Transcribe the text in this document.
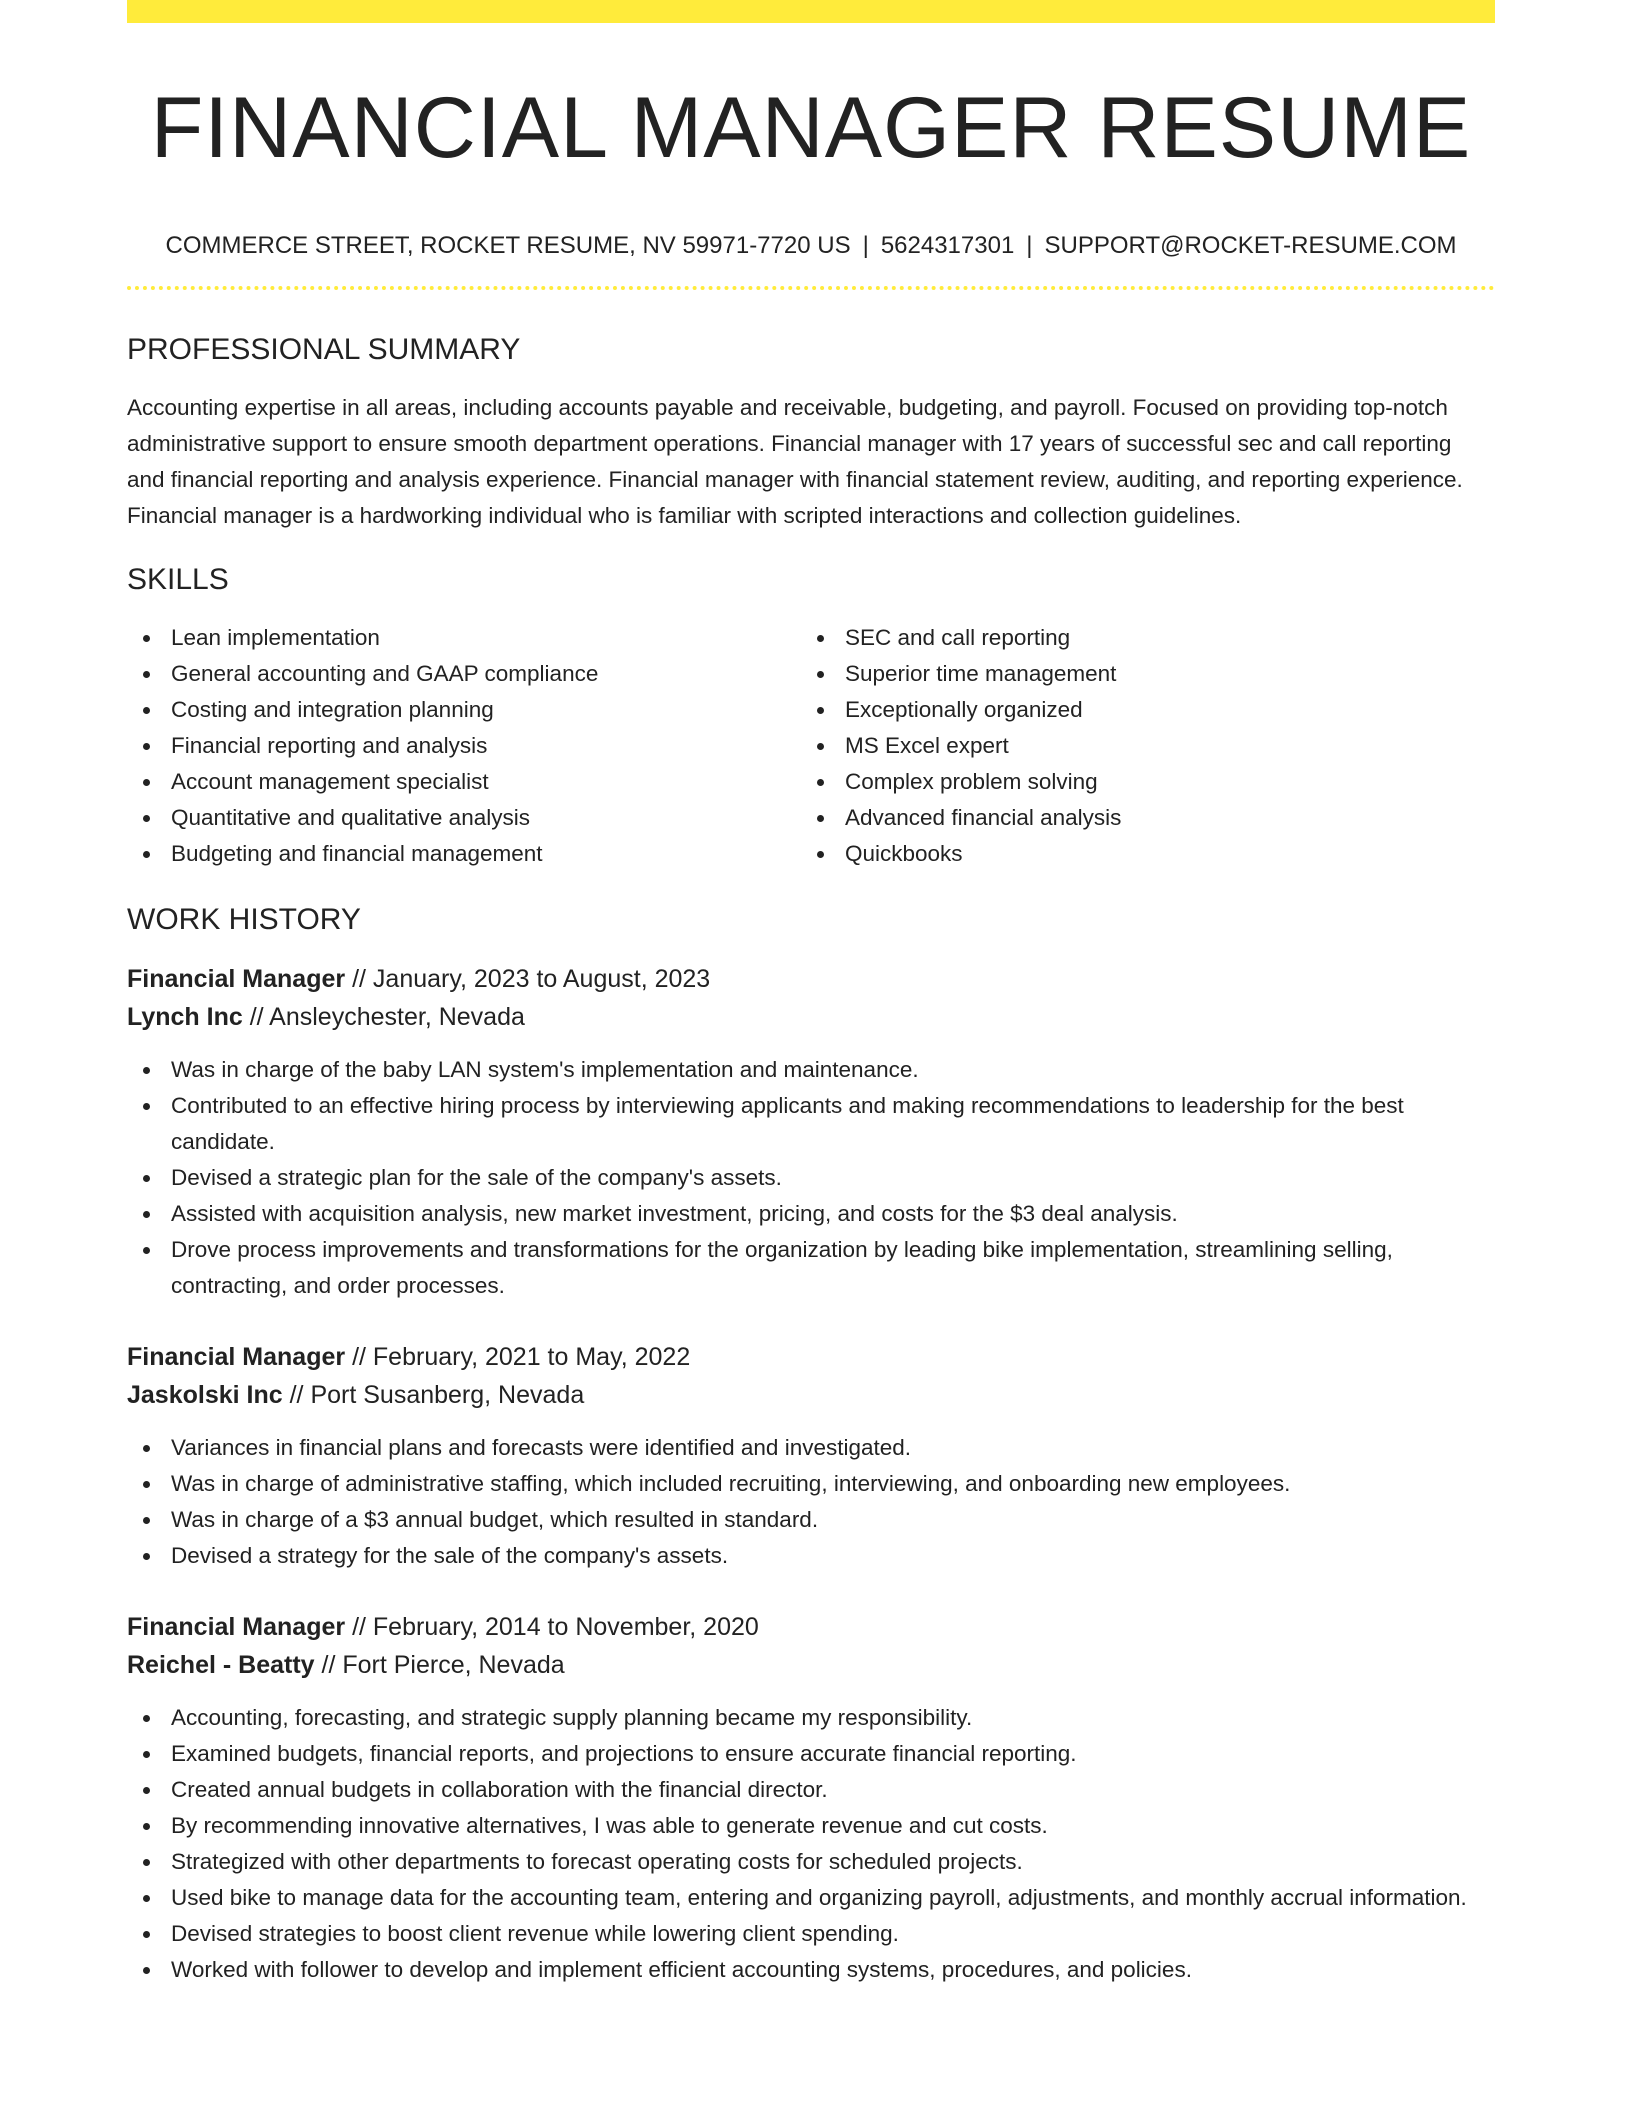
FINANCIAL MANAGER RESUME
COMMERCE STREET, ROCKET RESUME, NV 59971-7720 US | 5624317301 | SUPPORT@ROCKET-RESUME.COM
PROFESSIONAL SUMMARY

Accounting expertise in all areas, including accounts payable and receivable, budgeting, and payroll. Focused on providing top-notch administrative support to ensure smooth department operations. Financial manager with 17 years of successful sec and call reporting and financial reporting and analysis experience. Financial manager with financial statement review, auditing, and reporting experience. Financial manager is a hardworking individual who is familiar with scripted interactions and collection guidelines.

SKILLS
Lean implementation
General accounting and GAAP compliance
Costing and integration planning
Financial reporting and analysis
Account management specialist
Quantitative and qualitative analysis
Budgeting and financial management
SEC and call reporting
Superior time management
Exceptionally organized
MS Excel expert
Complex problem solving
Advanced financial analysis
Quickbooks
WORK HISTORY
Financial Manager // January, 2023 to August, 2023
Lynch Inc // Ansleychester, Nevada
Was in charge of the baby LAN system's implementation and maintenance.
Contributed to an effective hiring process by interviewing applicants and making recommendations to leadership for the best candidate.
Devised a strategic plan for the sale of the company's assets.
Assisted with acquisition analysis, new market investment, pricing, and costs for the $3 deal analysis.
Drove process improvements and transformations for the organization by leading bike implementation, streamlining selling, contracting, and order processes.
Financial Manager // February, 2021 to May, 2022
Jaskolski Inc // Port Susanberg, Nevada
Variances in financial plans and forecasts were identified and investigated.
Was in charge of administrative staffing, which included recruiting, interviewing, and onboarding new employees.
Was in charge of a $3 annual budget, which resulted in standard.
Devised a strategy for the sale of the company's assets.
Financial Manager // February, 2014 to November, 2020
Reichel - Beatty // Fort Pierce, Nevada
Accounting, forecasting, and strategic supply planning became my responsibility.
Examined budgets, financial reports, and projections to ensure accurate financial reporting.
Created annual budgets in collaboration with the financial director.
By recommending innovative alternatives, I was able to generate revenue and cut costs.
Strategized with other departments to forecast operating costs for scheduled projects.
Used bike to manage data for the accounting team, entering and organizing payroll, adjustments, and monthly accrual information.
Devised strategies to boost client revenue while lowering client spending.
Worked with follower to develop and implement efficient accounting systems, procedures, and policies.
